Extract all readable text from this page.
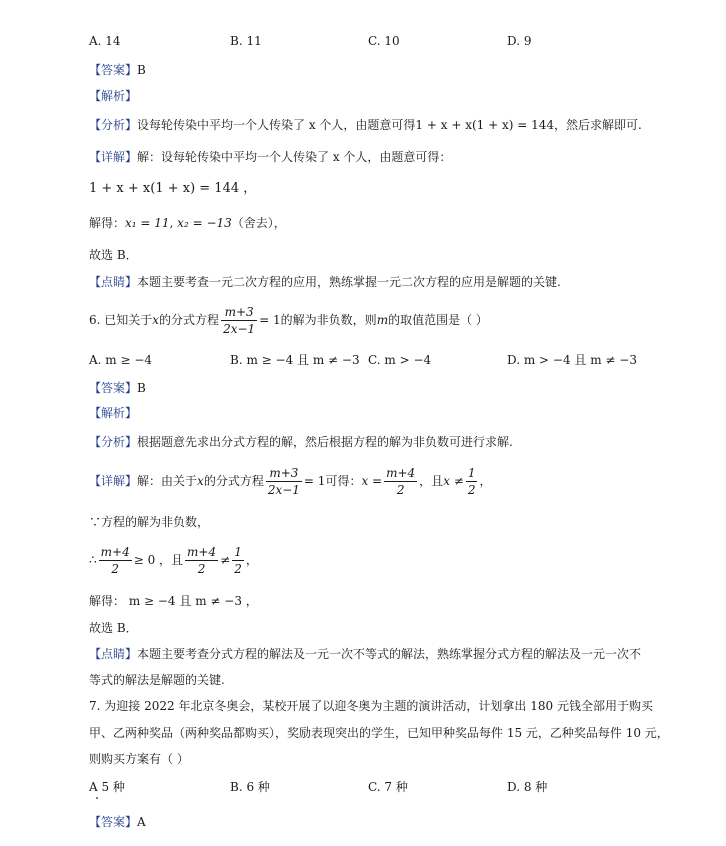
A. 14	B. 11	C. 10	D. 9
【答案】B
【解析】
【分析】设每轮传染中平均一个人传染了 x 个人，由题意可得1 + x + x(1 + x) = 144，然后求解即可.
【详解】解：设每轮传染中平均一个人传染了 x 个人，由题意可得：
1 + x + x(1 + x) = 144 ，
解得：x₁ = 11, x₂ = −13（舍去），
故选 B．
【点睛】本题主要考查一元二次方程的应用，熟练掌握一元二次方程的应用是解题的关键.
6. 已知关于x的分式方程 $\frac{m+3}{2x-1} = 1$的解为非负数，则m的取值范围是（ ）
A. m ≥ −4	B. m ≥ −4 且 m ≠ −3 C. m > −4	D. m > −4 且 m ≠ −3
【答案】B
【解析】
【分析】根据题意先求出分式方程的解，然后根据方程的解为非负数可进行求解.
【详解】解：由关于x的分式方程 $\frac{m+3}{2x-1} = 1$可得：$x = \frac{m+4}{2}$ ，且$x \ne \frac{1}{2}$ ，
∵方程的解为非负数，
∴ $\frac{m+4}{2} \ge 0$ ，且 $\frac{m+4}{2} \ne \frac{1}{2}$ ，
解得： m ≥ −4 且 m ≠ −3 ，
故选 B．
【点睛】本题主要考查分式方程的解法及一元一次不等式的解法，熟练掌握分式方程的解法及一元一次不
等式的解法是解题的关键.
7. 为迎接 2022 年北京冬奥会，某校开展了以迎冬奥为主题的演讲活动，计划拿出 180 元钱全部用于购买
甲、乙两种奖品（两种奖品都购买），奖励表现突出的学生，已知甲种奖品每件 15 元，乙种奖品每件 10 元，
则购买方案有（ ）
A 5 种	B. 6 种	C. 7 种	D. 8 种
【答案】A
